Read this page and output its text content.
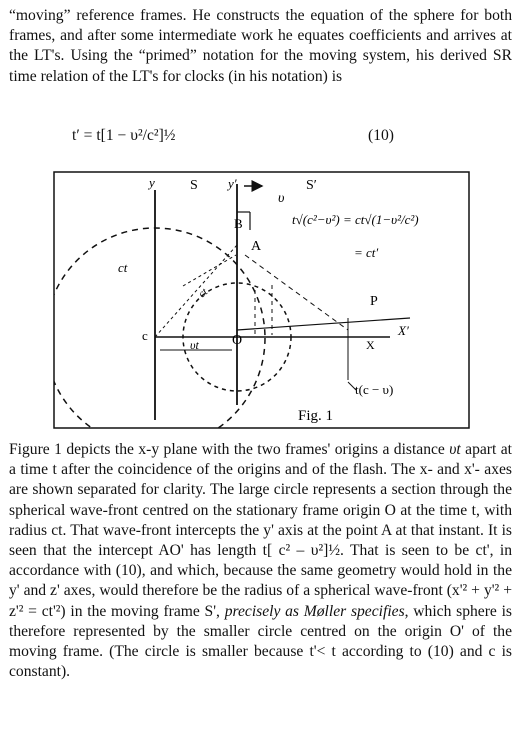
“moving” reference frames. He constructs the equation of the sphere for both frames, and after some intermediate work he equates coefficients and arrives at the LT's. Using the “primed” notation for the moving system, his derived SR time relation of the LT's for clocks (in his notation) is

t′ = t[1 − υ²/c²]½	(10)
y	S y′
υ
S′
B
A
ct
ct
c	O
υt
P
X
X′
t(c − υ)
t√(c²−υ²) = ct√(1−υ²/c²)
= ct′
Fig. 1

Figure 1 depicts the x-y plane with the two frames' origins a distance υt apart at a time t after the coincidence of the origins and of the flash. The x- and x'- axes are shown separated for clarity. The large circle represents a section through the spherical wave-front centred on the stationary frame origin O at the time t, with radius ct. That wave-front intercepts the y' axis at the point A at that instant. It is seen that the intercept AO' has length t[ c² – υ²]½. That is seen to be ct', in accordance with (10), and which, because the same geometry would hold in the y' and z' axes, would therefore be the radius of a spherical wave-front (x'² + y'² + z'² = ct'²) in the moving frame S', precisely as Møller specifies, which sphere is therefore represented by the smaller circle centred on the origin O' of the moving frame. (The circle is smaller because t'< t according to (10) and c is constant).
